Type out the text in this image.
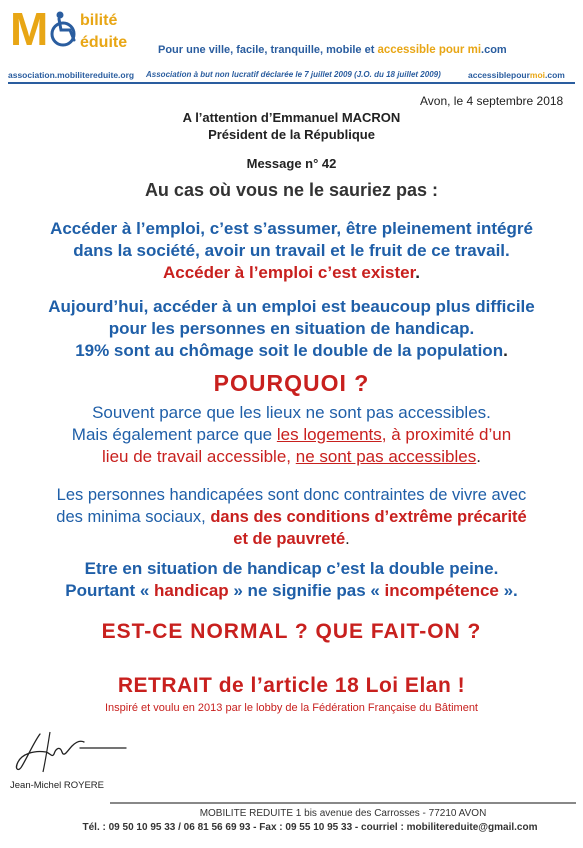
M bilité
éduite	Pour une ville, facile, tranquille, mobile et accessible pour mi.com
association.mobilitereduite.org Association à but non lucratif déclarée le 7 juillet 2009 (J.O. du 18 juillet 2009)	accessiblepourmoi.com
Avon, le 4 septembre 2018
A l’attention d’Emmanuel MACRON
Président de la République
Message n° 42
Au cas où vous ne le sauriez pas :
Accéder à l’emploi, c’est s’assumer, être pleinement intégré
dans la société, avoir un travail et le fruit de ce travail.
Accéder à l’emploi c’est exister.
Aujourd’hui, accéder à un emploi est beaucoup plus difficile
pour les personnes en situation de handicap.
19% sont au chômage soit le double de la population.
POURQUOI ?
Souvent parce que les lieux ne sont pas accessibles.
Mais également parce que les logements, à proximité d’un
lieu de travail accessible, ne sont pas accessibles.
Les personnes handicapées sont donc contraintes de vivre avec
des minima sociaux, dans des conditions d’extrême précarité
et de pauvreté.
Etre en situation de handicap c’est la double peine.
Pourtant « handicap » ne signifie pas « incompétence ».
EST-CE NORMAL ? QUE FAIT-ON ?
RETRAIT de l’article 18 Loi Elan !
Inspiré et voulu en 2013 par le lobby de la Fédération Française du Bâtiment
Jean-Michel ROYERE
MOBILITE REDUITE 1 bis avenue des Carrosses - 77210 AVON
Tél. : 09 50 10 95 33 / 06 81 56 69 93 - Fax : 09 55 10 95 33 - courriel : mobilitereduite@gmail.com
